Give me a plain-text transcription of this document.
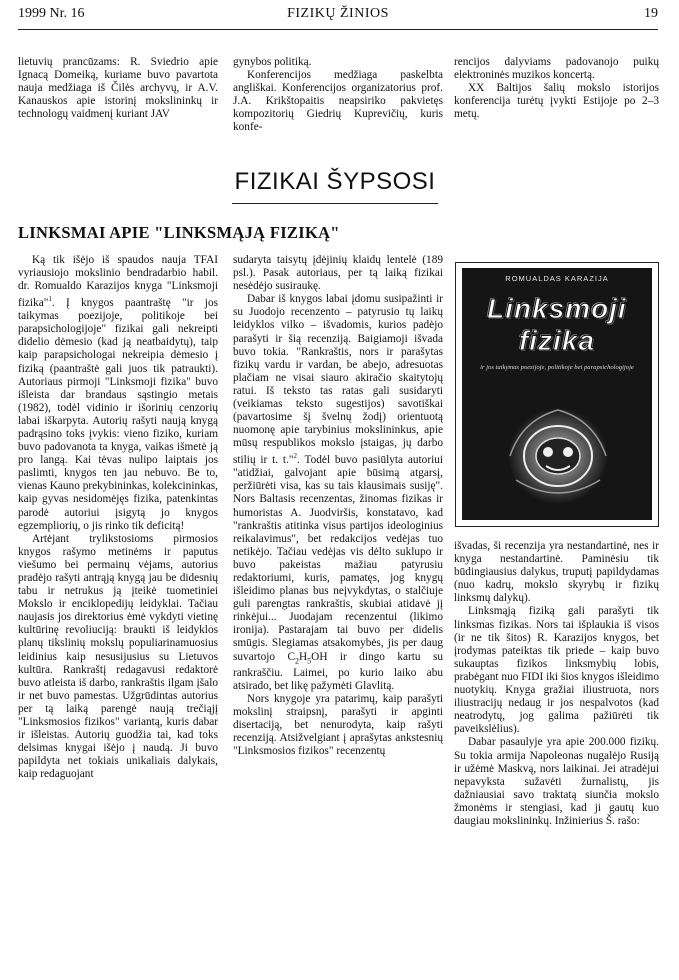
1999 Nr. 16	FIZIKŲ ŽINIOS	19

lietuvių prancūzams: R. Sviedrio apie Ignacą Domeiką, kuriame buvo pavartota nauja medžiaga iš Čilės archyvų, ir A.V. Kanauskos apie istorinį mokslininkų ir technologų vaidmenį kuriant JAV

gynybos politiką.

Konferencijos medžiaga paskelbta angliškai. Konferencijos organizatorius prof. J.A. Krikštopaitis neapsiriko pakvietęs kompozitorių Giedrių Kuprevičių, kuris konfe-

rencijos dalyviams padovanojo puikų elektroninės muzikos koncertą.

XX Baltijos šalių mokslo istorijos konferencija turėtų įvykti Estijoje po 2–3 metų.

FIZIKAI ŠYPSOSI
LINKSMAI APIE "LINKSMĄJĄ FIZIKĄ"

Ką tik išėjo iš spaudos nauja TFAI vyriausiojo mokslinio bendradarbio habil. dr. Romualdo Karazijos knyga "Linksmoji fizika"$^1$. Į knygos paantraštę "ir jos taikymas poezijoje, politikoje bei parapsichologijoje" fizikai gali nekreipti didelio dėmesio (kad ją neatbaidytų), taip kaip parapsichologai nekreipia dėmesio į fiziką (paantraštė gali juos tik patraukti). Autoriaus pirmoji "Linksmoji fizika" buvo išleista dar brandaus sąstingio metais (1982), todėl vidinio ir išorinių cenzorių labai iškarpyta. Autorių rašyti naują knygą padrąsino toks įvykis: vieno fiziko, kuriam buvo padovanota ta knyga, vaikas išmetė ją pro langą. Kai tėvas nulipo laiptais jos paslimti, knygos ten jau nebuvo. Be to, vienas Kauno prekybininkas, kolekcininkas, kaip gyvas nesidomėjęs fizika, patenkintas parodė autoriui įsigytą jo knygos egzempliorių, o jis rinko tik deficitą!

Artėjant trylikstosioms pirmosios knygos rašymo metinėms ir paputus viešumo bei permainų vėjams, autorius pradėjo rašyti antrąją knygą jau be didesnių tabu ir netrukus ją įteikė tuometiniei Mokslo ir enciklopedijų leidyklai. Tačiau naujasis jos direktorius ėmė vykdyti vietinę kultūrinę revoliuciją: braukti iš leidyklos planų tikslinių mokslų populiarinamuosius leidinius kaip nesusijusius su Lietuvos kultūra. Rankraštį redagavusi redaktorė buvo atleista iš darbo, rankraštis ilgam įšalo ir net buvo pamestas. Užgrūdintas autorius per tą laiką parengė naują trečiąjį "Linksmosios fizikos" variantą, kuris dabar ir išleistas. Autorių guodžia tai, kad toks delsimas knygai išėjo į naudą. Ji buvo papildyta net tokiais unikaliais dalykais, kaip redaguojant

sudaryta taisytų įdėjinių klaidų lentelė (189 psl.). Pasak autoriaus, per tą laiką fizikai nesėdėjo susiraukę.

Dabar iš knygos labai įdomu susipažinti ir su Juodojo recenzento – patyrusio tų laikų leidyklos vilko – išvadomis, kurios padėjo parašyti ir šią recenziją. Baigiamoji išvada buvo tokia. "Rankraštis, nors ir parašytas fizikų vardu ir vardan, be abejo, adresuotas plačiam ne visai siauro akiračio skaitytojų ratui. Iš teksto tas ratas gali susidaryti (veikiamas teksto sugestijos) savotiškai (pavartosime šį švelnų žodį) orientuotą nuomonę apie tarybinius mokslininkus, apie mūsų respublikos mokslo įstaigas, jų darbo stilių ir t. t."$^2$. Todėl buvo pasiūlyta autoriui "atidžiai, galvojant apie būsimą atgarsį, peržiūrėti visa, kas su tais klausimais susiję". Nors Baltasis recenzentas, žinomas fizikas ir humoristas A. Juodviršis, konstatavo, kad "rankraštis atitinka visus partijos ideologinius reikalavimus", bet redakcijos vedėjas tuo netikėjo. Tačiau vedėjas vis dėlto suklupo ir buvo pakeistas mažiau patyrusiu redaktoriumi, kuris, pamatęs, jog knygų išleidimo planas bus neįvykdytas, o stalčiuje guli parengtas rankraštis, skubiai atidavė jį rinkėjui... Juodajam recenzentui (likimo ironija). Pastarajam tai buvo per didelis smūgis. Slegiamas atsakomybės, jis per daug suvartojo $C_2H_5OH$ ir dingo kartu su rankraščiu. Laimei, po kurio laiko abu atsirado, bet likę pažymėti Glavlitą.

Nors knygoje yra patarimų, kaip parašyti mokslinį straipsnį, parašyti ir apginti disertaciją, bet nenurodyta, kaip rašyti recenziją. Atsižvelgiant į aprašytas ankstesnių "Linksmosios fizikos" recenzentų

ROMUALDAS KARAZIJA
Linksmoji
fizika
ir jos taikymas poezijoje, politikoje bei parapsichologijoje

išvadas, ši recenzija yra nestandartinė, nes ir knyga nestandartinė. Paminėsiu tik būdingiausius dalykus, truputį papildydamas (nuo kadrų, mokslo skyrybų ir fizikų linksmų dalykų).

Linksmąją fiziką gali parašyti tik linksmas fizikas. Nors tai išplaukia iš visos (ir ne tik šitos) R. Karazijos knygos, bet įrodymas pateiktas tik priede – kaip buvo sukauptas fizikos linksmybių lobis, prabėgant nuo FIDI iki šios knygos išleidimo nuotykių. Knyga gražiai iliustruota, nors iliustracijų nedaug ir jos nespalvotos (kad neatrodytų, jog galima pažiūrėti tik paveikslėlius).

Dabar pasaulyje yra apie 200.000 fizikų. Su tokia armija Napoleonas nugalėjo Rusiją ir užėmė Maskvą, nors laikinai. Jei atradėjui nepavyksta sužavėti žurnalistų, jis dažniausiai savo traktatą siunčia mokslo žmonėms ir stengiasi, kad ji gautų kuo daugiau mokslininkų. Inžinierius Š. rašo:
